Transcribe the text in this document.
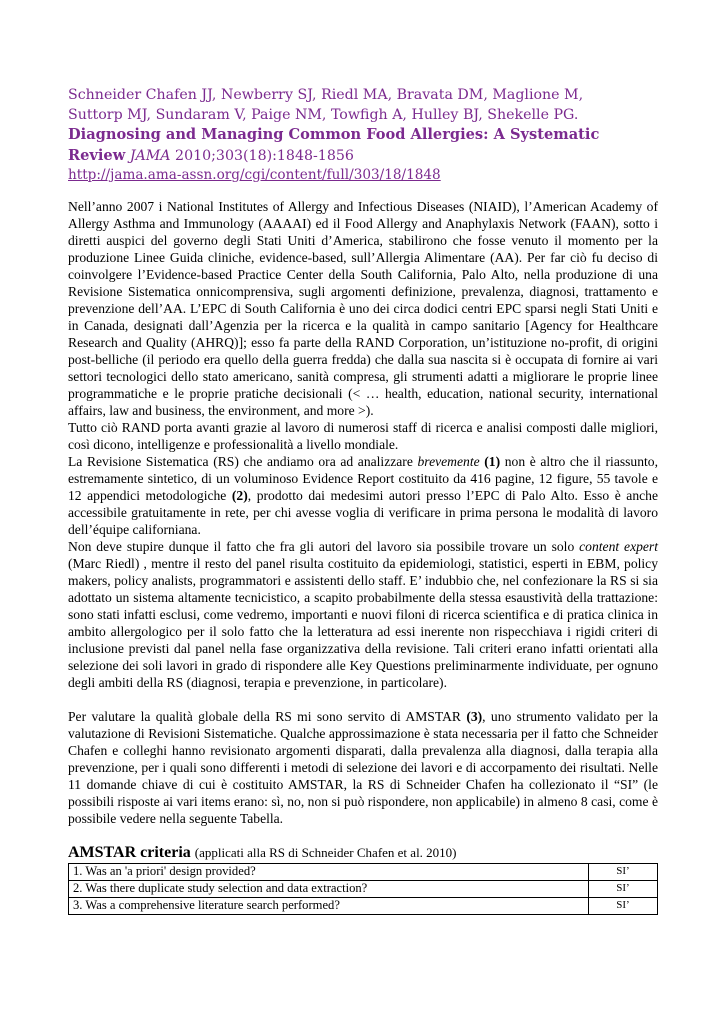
Schneider Chafen JJ, Newberry SJ, Riedl MA, Bravata DM, Maglione M,
Suttorp MJ, Sundaram V, Paige NM, Towfigh A, Hulley BJ, Shekelle PG.
Diagnosing and Managing Common Food Allergies: A Systematic Review JAMA 2010;303(18):1848-1856
http://jama.ama-assn.org/cgi/content/full/303/18/1848

Nell’anno 2007 i National Institutes of Allergy and Infectious Diseases (NIAID), l’American Academy of Allergy Asthma and Immunology (AAAAI) ed il Food Allergy and Anaphylaxis Network (FAAN), sotto i diretti auspici del governo degli Stati Uniti d’America, stabilirono che fosse venuto il momento per la produzione Linee Guida cliniche, evidence-based, sull’Allergia Alimentare (AA). Per far ciò fu deciso di coinvolgere l’Evidence-based Practice Center della South California, Palo Alto, nella produzione di una Revisione Sistematica onnicomprensiva, sugli argomenti definizione, prevalenza, diagnosi, trattamento e prevenzione dell’AA. L’EPC di South California è uno dei circa dodici centri EPC sparsi negli Stati Uniti e in Canada, designati dall’Agenzia per la ricerca e la qualità in campo sanitario [Agency for Healthcare Research and Quality (AHRQ)]; esso fa parte della RAND Corporation, un’istituzione no-profit, di origini post-belliche (il periodo era quello della guerra fredda) che dalla sua nascita si è occupata di fornire ai vari settori tecnologici dello stato americano, sanità compresa, gli strumenti adatti a migliorare le proprie linee programmatiche e le proprie pratiche decisionali (< … health, education, national security, international affairs, law and business, the environment, and more >).

Tutto ciò RAND porta avanti grazie al lavoro di numerosi staff di ricerca e analisi composti dalle migliori, così dicono, intelligenze e professionalità a livello mondiale.

La Revisione Sistematica (RS) che andiamo ora ad analizzare brevemente (1) non è altro che il riassunto, estremamente sintetico, di un voluminoso Evidence Report costituito da 416 pagine, 12 figure, 55 tavole e 12 appendici metodologiche (2), prodotto dai medesimi autori presso l’EPC di Palo Alto. Esso è anche accessibile gratuitamente in rete, per chi avesse voglia di verificare in prima persona le modalità di lavoro dell’équipe californiana.

Non deve stupire dunque il fatto che fra gli autori del lavoro sia possibile trovare un solo content expert (Marc Riedl) , mentre il resto del panel risulta costituito da epidemiologi, statistici, esperti in EBM, policy makers, policy analists, programmatori e assistenti dello staff. E’ indubbio che, nel confezionare la RS si sia adottato un sistema altamente tecnicistico, a scapito probabilmente della stessa esaustività della trattazione: sono stati infatti esclusi, come vedremo, importanti e nuovi filoni di ricerca scientifica e di pratica clinica in ambito allergologico per il solo fatto che la letteratura ad essi inerente non rispecchiava i rigidi criteri di inclusione previsti dal panel nella fase organizzativa della revisione. Tali criteri erano infatti orientati alla selezione dei soli lavori in grado di rispondere alle Key Questions preliminarmente individuate, per ognuno degli ambiti della RS (diagnosi, terapia e prevenzione, in particolare).

Per valutare la qualità globale della RS mi sono servito di AMSTAR (3), uno strumento validato per la valutazione di Revisioni Sistematiche. Qualche approssimazione è stata necessaria per il fatto che Schneider Chafen e colleghi hanno revisionato argomenti disparati, dalla prevalenza alla diagnosi, dalla terapia alla prevenzione, per i quali sono differenti i metodi di selezione dei lavori e di accorpamento dei risultati. Nelle 11 domande chiave di cui è costituito AMSTAR, la RS di Schneider Chafen ha collezionato il “SI” (le possibili risposte ai vari items erano: sì, no, non si può rispondere, non applicabile) in almeno 8 casi, come è possibile vedere nella seguente Tabella.

AMSTAR criteria (applicati alla RS di Schneider Chafen et al. 2010)
1. Was an 'a priori' design provided?	SI’
2. Was there duplicate study selection and data extraction?	SI’
3. Was a comprehensive literature search performed?	SI’
